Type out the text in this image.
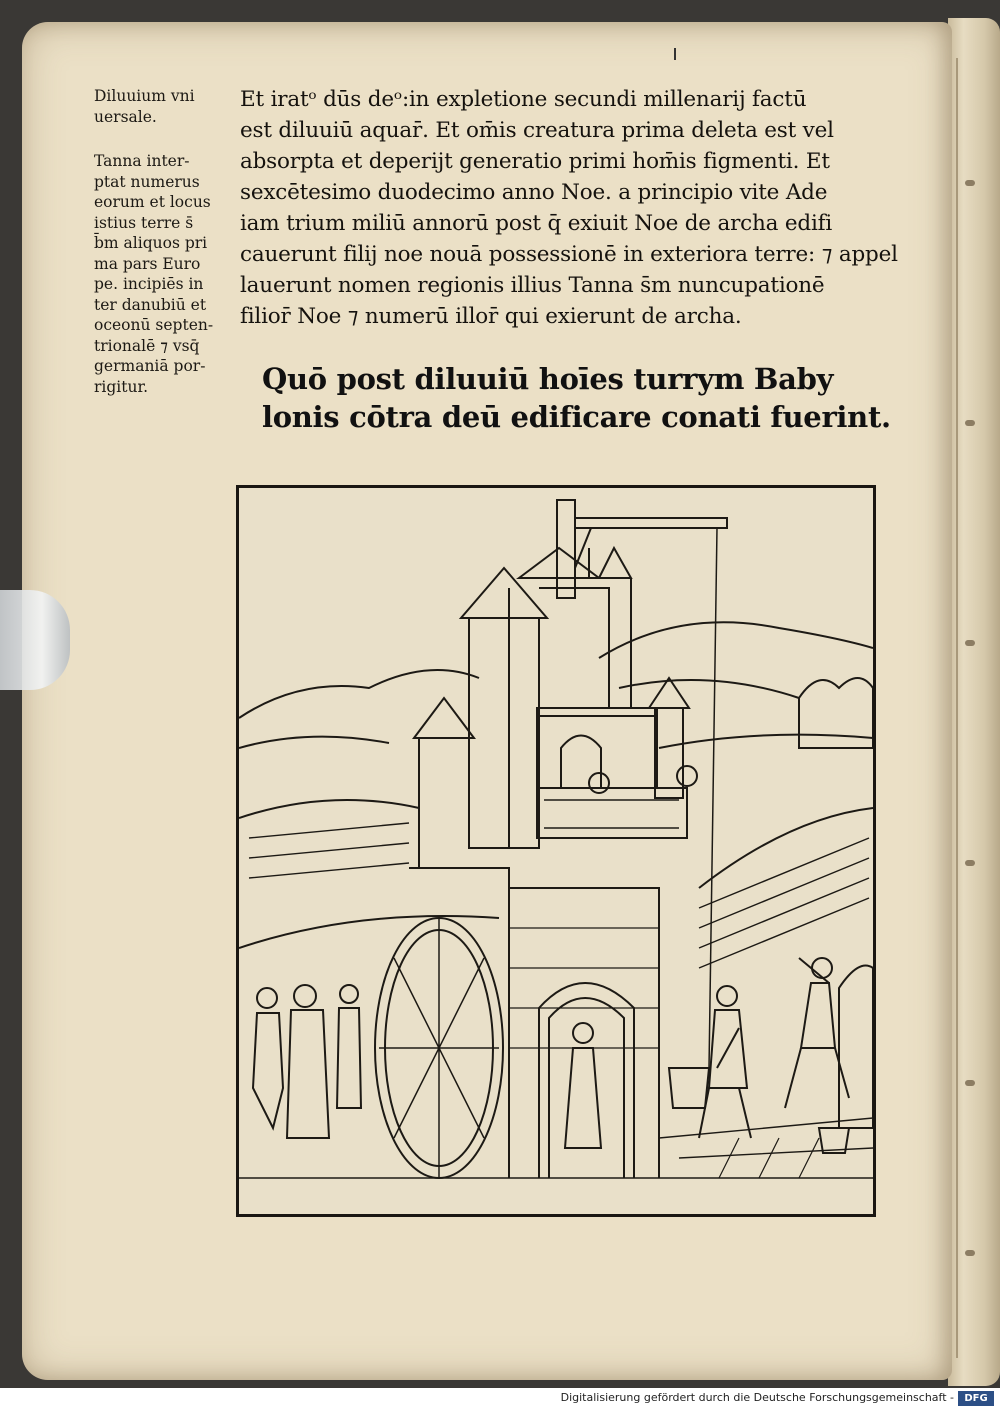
Diluuium vni
uersale.

Tanna inter-
ptat numerus
eorum et locus
istius terre s̄
b̄m aliquos pri
ma pars Euro
pe. incipiēs in
ter danubiū et
oceonū septen-
trionalē ⁊ vsq̄
germaniā por-
rigitur.

Et iratᵒ dūs deᵒ:in expletione secundi millenarij factū
est diluuiū aquar̄. Et om̄is creatura prima deleta est vel
absorpta et deperijt generatio primi hom̄is figmenti. Et
sexcētesimo duodecimo anno Noe. a principio vite Ade
iam trium miliū annorū post q̄ exiuit Noe de archa edifi
cauerunt filij noe nouā possessionē in exteriora terre: ⁊ appel
lauerunt nomen regionis illius Tanna s̄m nuncupationē
filior̄ Noe ⁊ numerū illor̄ qui exierunt de archa.
Quō post diluuiū hoīes turrym Baby
lonis cōtra deū edificare conati fuerint.
Digitalisierung gefördert durch die Deutsche Forschungsgemeinschaft -	DFG
